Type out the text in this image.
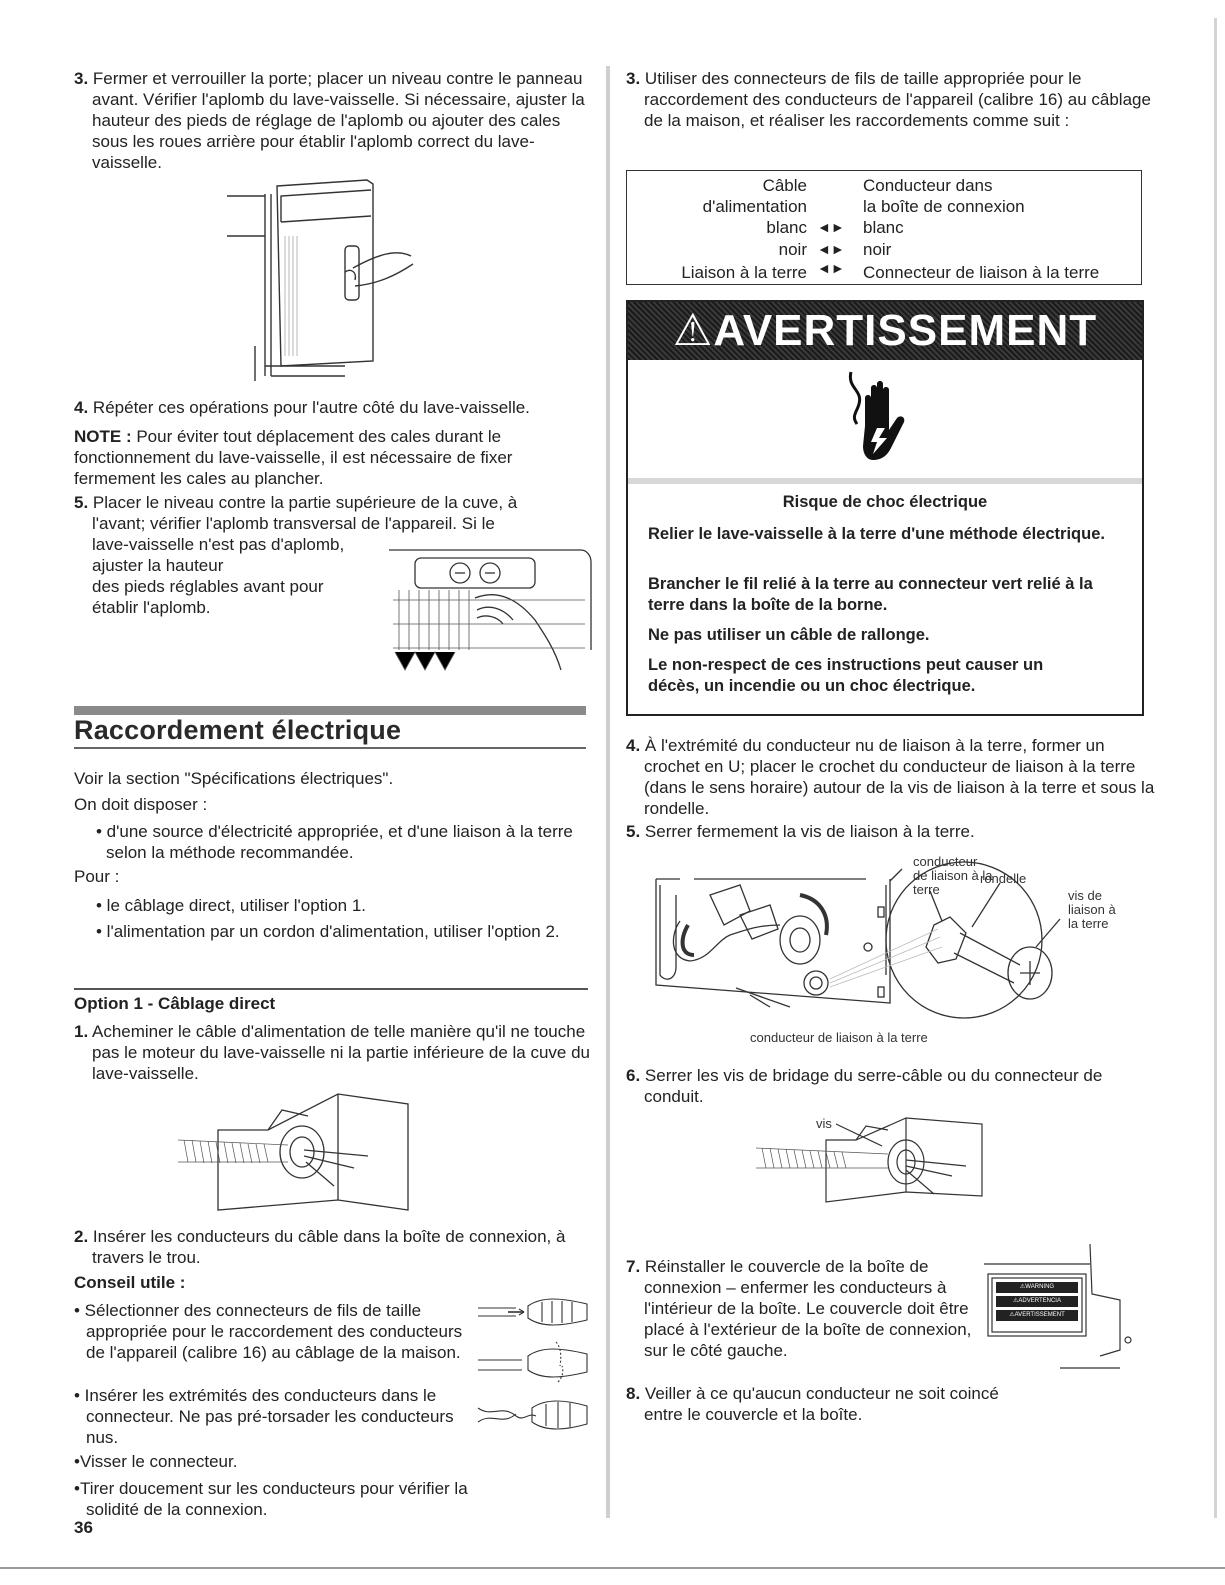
3. Fermer et verrouiller la porte; placer un niveau contre le panneau avant. Vérifier l'aplomb du lave-vaisselle. Si nécessaire, ajuster la hauteur des pieds de réglage de l'aplomb ou ajouter des cales sous les roues arrière pour établir l'aplomb correct du lave-vaisselle.
4. Répéter ces opérations pour l'autre côté du lave-vaisselle.
NOTE : Pour éviter tout déplacement des cales durant le fonctionnement du lave-vaisselle, il est nécessaire de fixer fermement les cales au plancher.
5. Placer le niveau contre la partie supérieure de la cuve, à
l'avant; vérifier l'aplomb transversal de l'appareil. Si le
lave-vaisselle n'est pas d'aplomb,
ajuster la hauteur
des pieds réglables avant pour
établir l'aplomb.
Raccordement électrique
Voir la section "Spécifications électriques".
On doit disposer :
• d'une source d'électricité appropriée, et d'une liaison à la terre selon la méthode recommandée.
Pour :
• le câblage direct, utiliser l'option 1.
• l'alimentation par un cordon d'alimentation, utiliser l'option 2.
Option 1 - Câblage direct
1. Acheminer le câble d'alimentation de telle manière qu'il ne touche pas le moteur du lave-vaisselle ni la partie inférieure de la cuve du lave-vaisselle.
2. Insérer les conducteurs du câble dans la boîte de connexion, à travers le trou.
Conseil utile :
• Sélectionner des connecteurs de fils de taille appropriée pour le raccordement des conducteurs de l'appareil (calibre 16) au câblage de la maison.
• Insérer les extrémités des conducteurs dans le connecteur. Ne pas pré-torsader les conducteurs nus.
•Visser le connecteur.
•Tirer doucement sur les conducteurs pour vérifier la solidité de la connexion.
36
3. Utiliser des connecteurs de fils de taille appropriée pour le raccordement des conducteurs de l'appareil (calibre 16) au câblage de la maison, et réaliser les raccordements comme suit :
Câble
d'alimentation
Conducteur dans
la boîte de connexion
blanc ◄► blanc
noir ◄► noir
Liaison à la terre ◄► Connecteur de liaison à la terre
⚠AVERTISSEMENT
Risque de choc électrique
Relier le lave-vaisselle à la terre d'une méthode électrique.
Brancher le fil relié à la terre au connecteur vert relié à la terre dans la boîte de la borne.
Ne pas utiliser un câble de rallonge.
Le non-respect de ces instructions peut causer un décès, un incendie ou un choc électrique.
4. À l'extrémité du conducteur nu de liaison à la terre, former un crochet en U; placer le crochet du conducteur de liaison à la terre (dans le sens horaire) autour de la vis de liaison à la terre et sous la rondelle.
5. Serrer fermement la vis de liaison à la terre.
conducteur
de liaison à la
terre
rondelle
vis de
liaison à
la terre
conducteur de liaison à la terre
6. Serrer les vis de bridage du serre-câble ou du connecteur de conduit.
vis
7. Réinstaller le couvercle de la boîte de connexion – enfermer les conducteurs à l'intérieur de la boîte. Le couvercle doit être placé à l'extérieur de la boîte de connexion, sur le côté gauche.
⚠WARNING
⚠ADVERTENCIA
⚠AVERTISSEMENT
8. Veiller à ce qu'aucun conducteur ne soit coincé entre le couvercle et la boîte.
